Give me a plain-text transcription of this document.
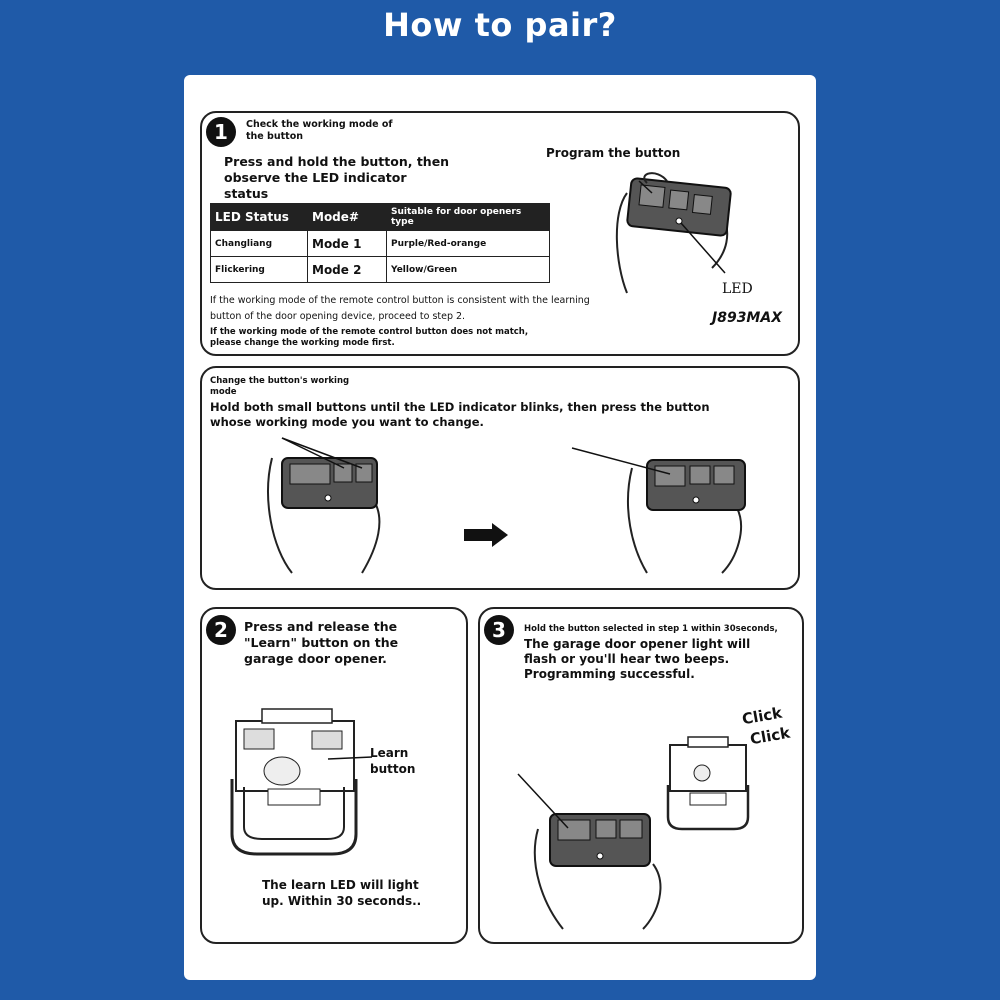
How to pair?
1	Check the working mode of the button
Press and hold the button, then observe the LED indicator status
Program the button
LED Status	Mode#	Suitable for door openers type
Changliang	Mode 1	Purple/Red-orange
Flickering	Mode 2	Yellow/Green
If the working mode of the remote control button is consistent with the learning button of the door opening device, proceed to step 2.
If the working mode of the remote control button does not match, please change the working mode first.
LED
J893MAX
Change the button's working mode
Hold both small buttons until the LED indicator blinks, then press the button whose working mode you want to change.
2	Press and release the "Learn" button on the garage door opener.
Learn button
The learn LED will light up. Within 30 seconds..
3	Hold the button selected in step 1 within 30seconds,
The garage door opener light will flash or you'll hear two beeps. Programming successful.
Click
Click
